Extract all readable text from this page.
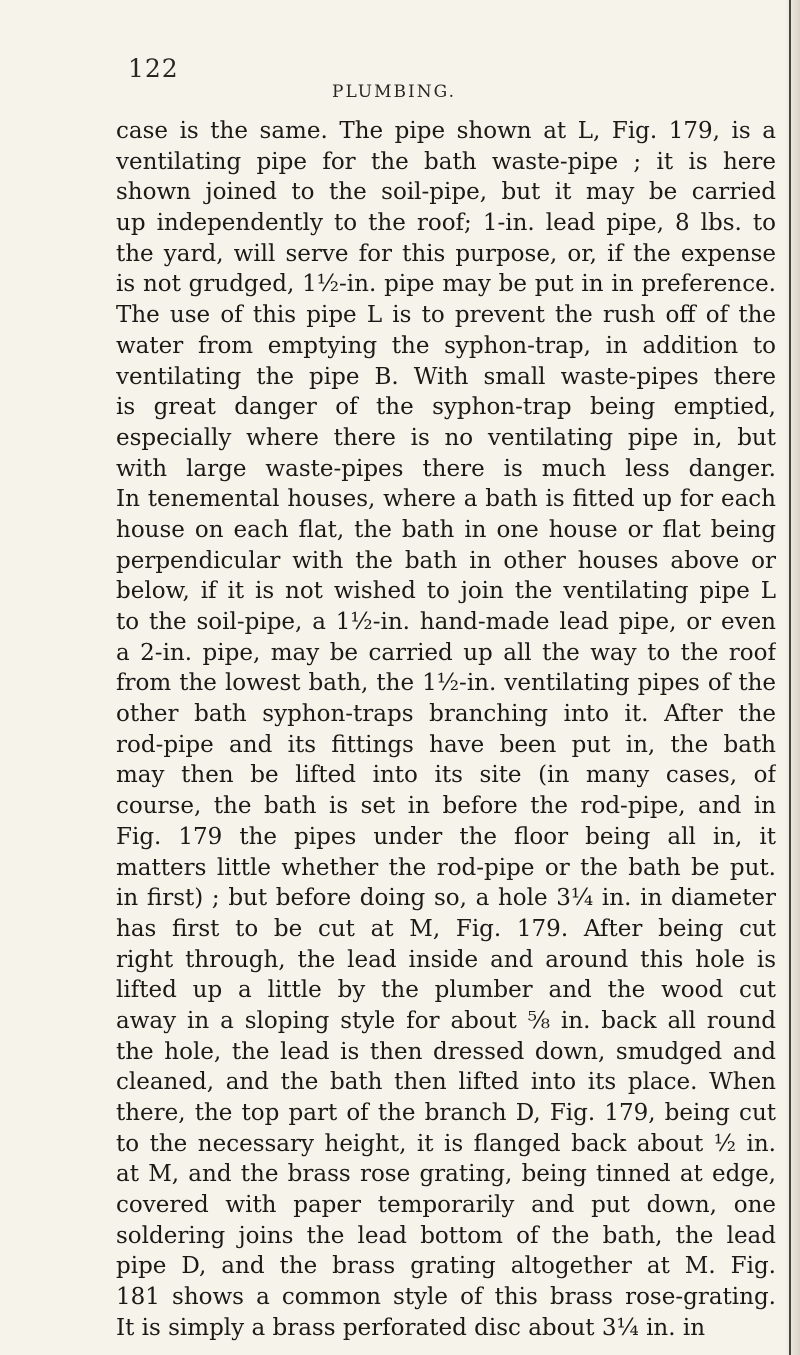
122
PLUMBING.
case is the same. The pipe shown at L, Fig. 179, is a
ventilating pipe for the bath waste-pipe ; it is here
shown joined to the soil-pipe, but it may be carried
up independently to the roof; 1-in. lead pipe, 8 lbs. to
the yard, will serve for this purpose, or, if the expense
is not grudged, 1½-in. pipe may be put in in preference.
The use of this pipe L is to prevent the rush off of the
water from emptying the syphon-trap, in addition to
ventilating the pipe B. With small waste-pipes there
is great danger of the syphon-trap being emptied,
especially where there is no ventilating pipe in, but
with large waste-pipes there is much less danger.
In tenemental houses, where a bath is fitted up for each
house on each flat, the bath in one house or flat being
perpendicular with the bath in other houses above or
below, if it is not wished to join the ventilating pipe L
to the soil-pipe, a 1½-in. hand-made lead pipe, or even
a 2-in. pipe, may be carried up all the way to the roof
from the lowest bath, the 1½-in. ventilating pipes of the
other bath syphon-traps branching into it. After the
rod-pipe and its fittings have been put in, the bath
may then be lifted into its site (in many cases, of
course, the bath is set in before the rod-pipe, and in
Fig. 179 the pipes under the floor being all in, it
matters little whether the rod-pipe or the bath be put.
in first) ; but before doing so, a hole 3¼ in. in diameter
has first to be cut at M, Fig. 179. After being cut
right through, the lead inside and around this hole is
lifted up a little by the plumber and the wood cut
away in a sloping style for about ⅝ in. back all round
the hole, the lead is then dressed down, smudged and
cleaned, and the bath then lifted into its place. When
there, the top part of the branch D, Fig. 179, being cut
to the necessary height, it is flanged back about ½ in.
at M, and the brass rose grating, being tinned at edge,
covered with paper temporarily and put down, one
soldering joins the lead bottom of the bath, the lead
pipe D, and the brass grating altogether at M. Fig.
181 shows a common style of this brass rose-grating.
It is simply a brass perforated disc about 3¼ in. in
